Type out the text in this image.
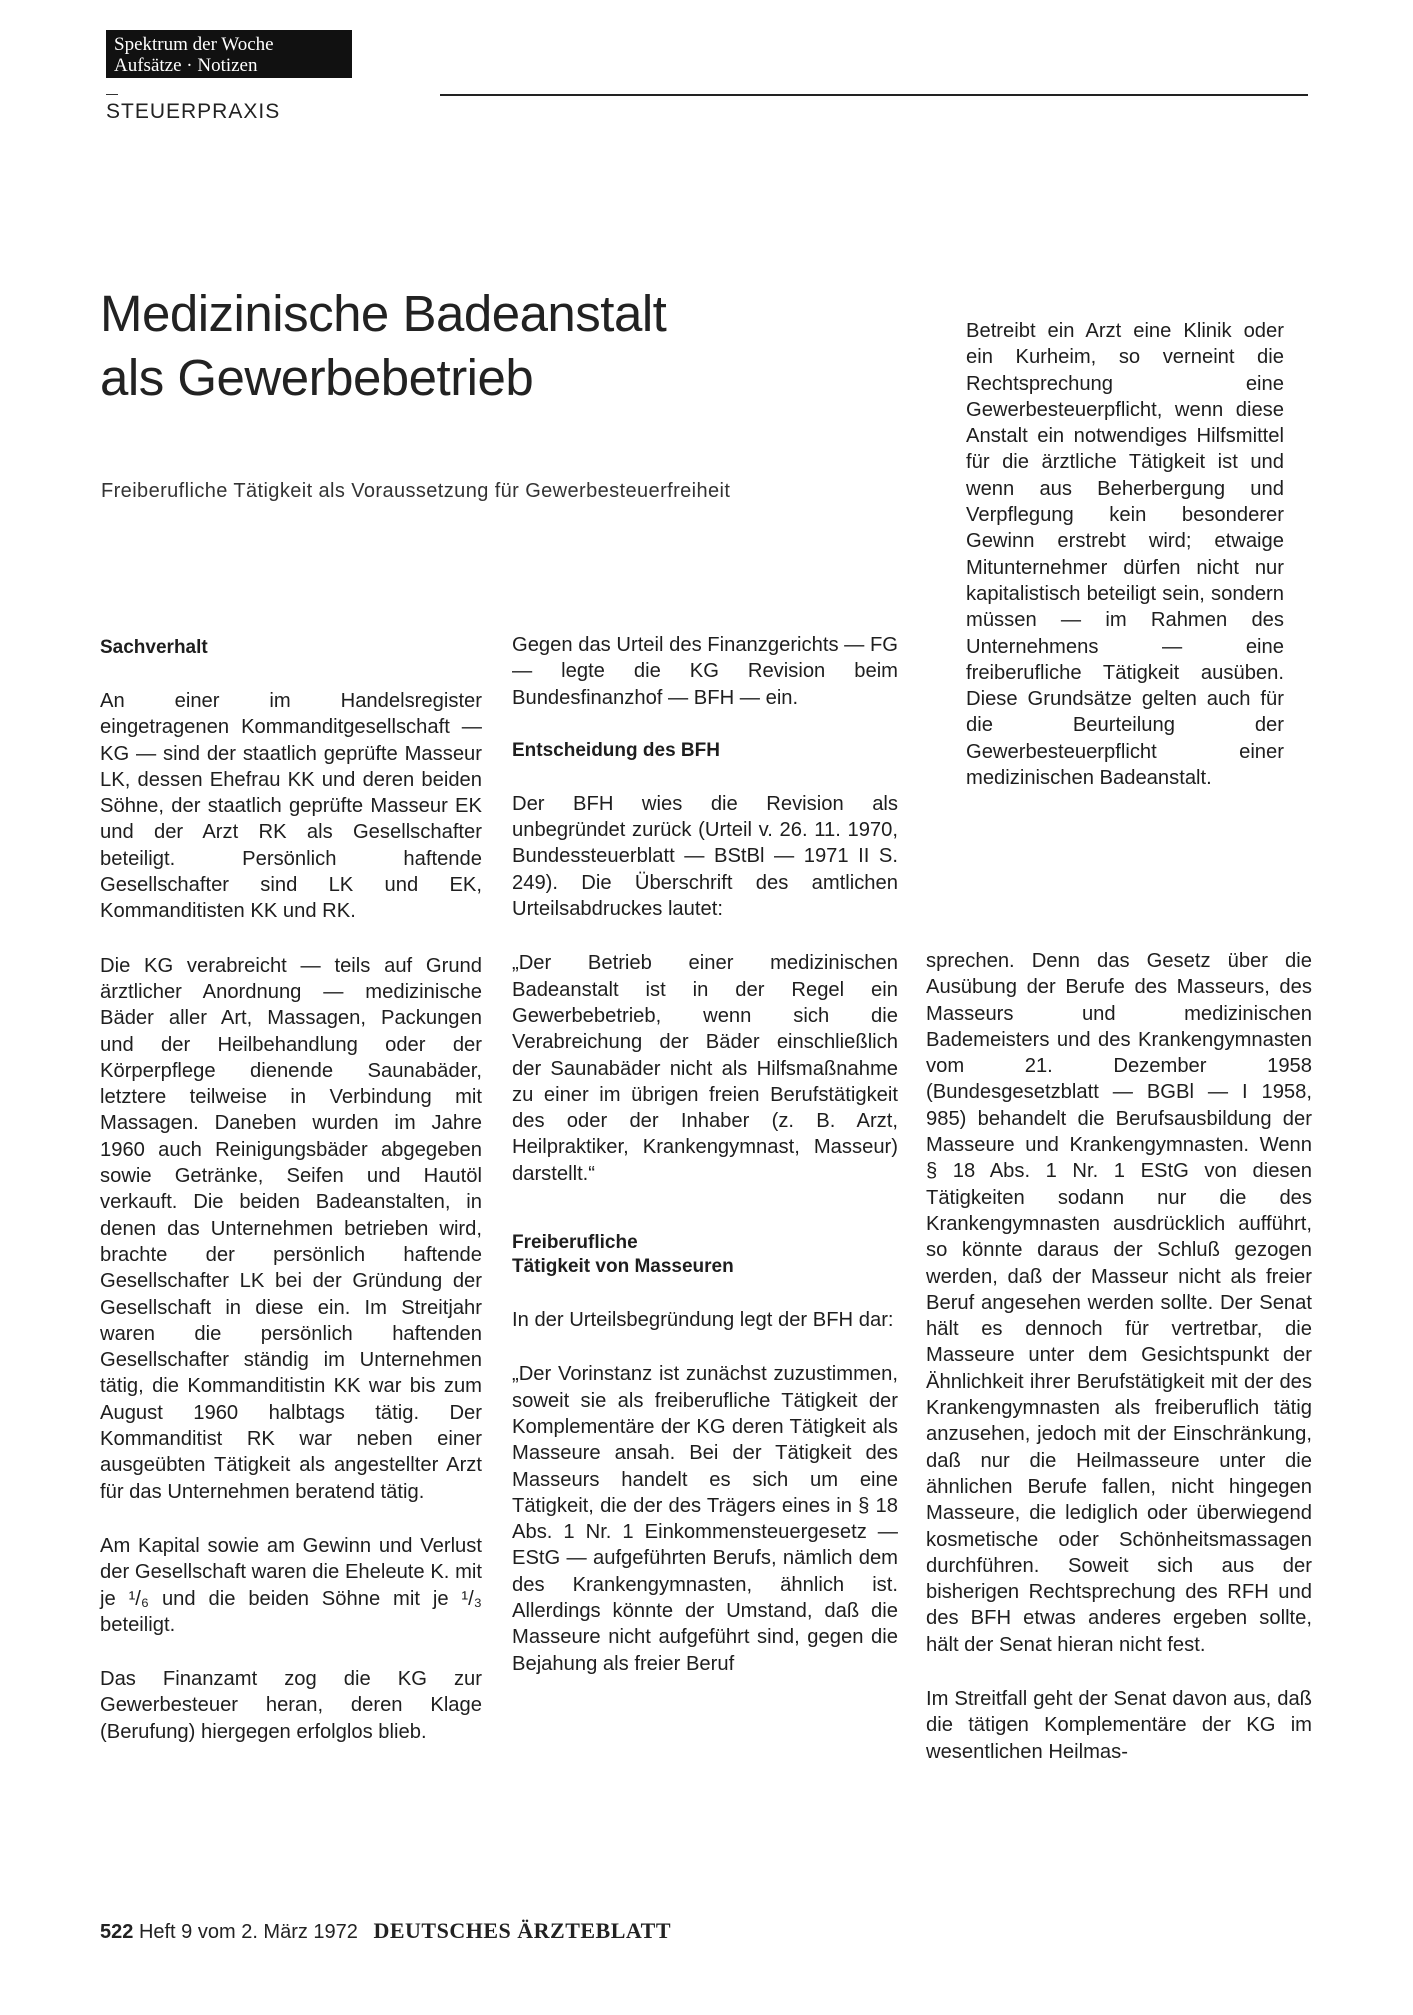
Spektrum der Woche
Aufsätze · Notizen
STEUERPRAXIS
Medizinische Badeanstalt
als Gewerbebetrieb
Freiberufliche Tätigkeit als Voraussetzung für Gewerbesteuerfreiheit
Sachverhalt

An einer im Handelsregister eingetragenen Kommanditgesellschaft — KG — sind der staatlich geprüfte Masseur LK, dessen Ehefrau KK und deren beiden Söhne, der staatlich geprüfte Masseur EK und der Arzt RK als Gesellschafter beteiligt. Persönlich haftende Gesellschafter sind LK und EK, Kommanditisten KK und RK.

Die KG verabreicht — teils auf Grund ärztlicher Anordnung — medizinische Bäder aller Art, Massagen, Packungen und der Heilbehandlung oder der Körperpflege dienende Saunabäder, letztere teilweise in Verbindung mit Massagen. Daneben wurden im Jahre 1960 auch Reinigungsbäder abgegeben sowie Getränke, Seifen und Hautöl verkauft. Die beiden Badeanstalten, in denen das Unternehmen betrieben wird, brachte der persönlich haftende Gesellschafter LK bei der Gründung der Gesellschaft in diese ein. Im Streitjahr waren die persönlich haftenden Gesellschafter ständig im Unternehmen tätig, die Kommanditistin KK war bis zum August 1960 halbtags tätig. Der Kommanditist RK war neben einer ausgeübten Tätigkeit als angestellter Arzt für das Unternehmen beratend tätig.

Am Kapital sowie am Gewinn und Verlust der Gesellschaft waren die Eheleute K. mit je ¹/₆ und die beiden Söhne mit je ¹/₃ beteiligt.

Das Finanzamt zog die KG zur Gewerbesteuer heran, deren Klage (Berufung) hiergegen erfolglos blieb.

Gegen das Urteil des Finanzgerichts — FG — legte die KG Revision beim Bundesfinanzhof — BFH — ein.

Entscheidung des BFH

Der BFH wies die Revision als unbegründet zurück (Urteil v. 26. 11. 1970, Bundessteuerblatt — BStBl — 1971 II S. 249). Die Überschrift des amtlichen Urteilsabdruckes lautet:

„Der Betrieb einer medizinischen Badeanstalt ist in der Regel ein Gewerbebetrieb, wenn sich die Verabreichung der Bäder einschließlich der Saunabäder nicht als Hilfsmaßnahme zu einer im übrigen freien Berufstätigkeit des oder der Inhaber (z. B. Arzt, Heilpraktiker, Krankengymnast, Masseur) darstellt.“

Freiberufliche
Tätigkeit von Masseuren

In der Urteilsbegründung legt der BFH dar:

„Der Vorinstanz ist zunächst zuzustimmen, soweit sie als freiberufliche Tätigkeit der Komplementäre der KG deren Tätigkeit als Masseure ansah. Bei der Tätigkeit des Masseurs handelt es sich um eine Tätigkeit, die der des Trägers eines in § 18 Abs. 1 Nr. 1 Einkommensteuergesetz — EStG — aufgeführten Berufs, nämlich dem des Krankengymnasten, ähnlich ist. Allerdings könnte der Umstand, daß die Masseure nicht aufgeführt sind, gegen die Bejahung als freier Beruf

Betreibt ein Arzt eine Klinik oder ein Kurheim, so verneint die Rechtsprechung eine Gewerbesteuerpflicht, wenn diese Anstalt ein notwendiges Hilfsmittel für die ärztliche Tätigkeit ist und wenn aus Beherbergung und Verpflegung kein besonderer Gewinn erstrebt wird; etwaige Mitunternehmer dürfen nicht nur kapitalistisch beteiligt sein, sondern müssen — im Rahmen des Unternehmens — eine freiberufliche Tätigkeit ausüben. Diese Grundsätze gelten auch für die Beurteilung der Gewerbesteuerpflicht einer medizinischen Badeanstalt.

sprechen. Denn das Gesetz über die Ausübung der Berufe des Masseurs, des Masseurs und medizinischen Bademeisters und des Krankengymnasten vom 21. Dezember 1958 (Bundesgesetzblatt — BGBl — I 1958, 985) behandelt die Berufsausbildung der Masseure und Krankengymnasten. Wenn § 18 Abs. 1 Nr. 1 EStG von diesen Tätigkeiten sodann nur die des Krankengymnasten ausdrücklich aufführt, so könnte daraus der Schluß gezogen werden, daß der Masseur nicht als freier Beruf angesehen werden sollte. Der Senat hält es dennoch für vertretbar, die Masseure unter dem Gesichtspunkt der Ähnlichkeit ihrer Berufstätigkeit mit der des Krankengymnasten als freiberuflich tätig anzusehen, jedoch mit der Einschränkung, daß nur die Heilmasseure unter die ähnlichen Berufe fallen, nicht hingegen Masseure, die lediglich oder überwiegend kosmetische oder Schönheitsmassagen durchführen. Soweit sich aus der bisherigen Rechtsprechung des RFH und des BFH etwas anderes ergeben sollte, hält der Senat hieran nicht fest.

Im Streitfall geht der Senat davon aus, daß die tätigen Komplementäre der KG im wesentlichen Heilmas-

522 Heft 9 vom 2. März 1972 DEUTSCHES ÄRZTEBLATT
